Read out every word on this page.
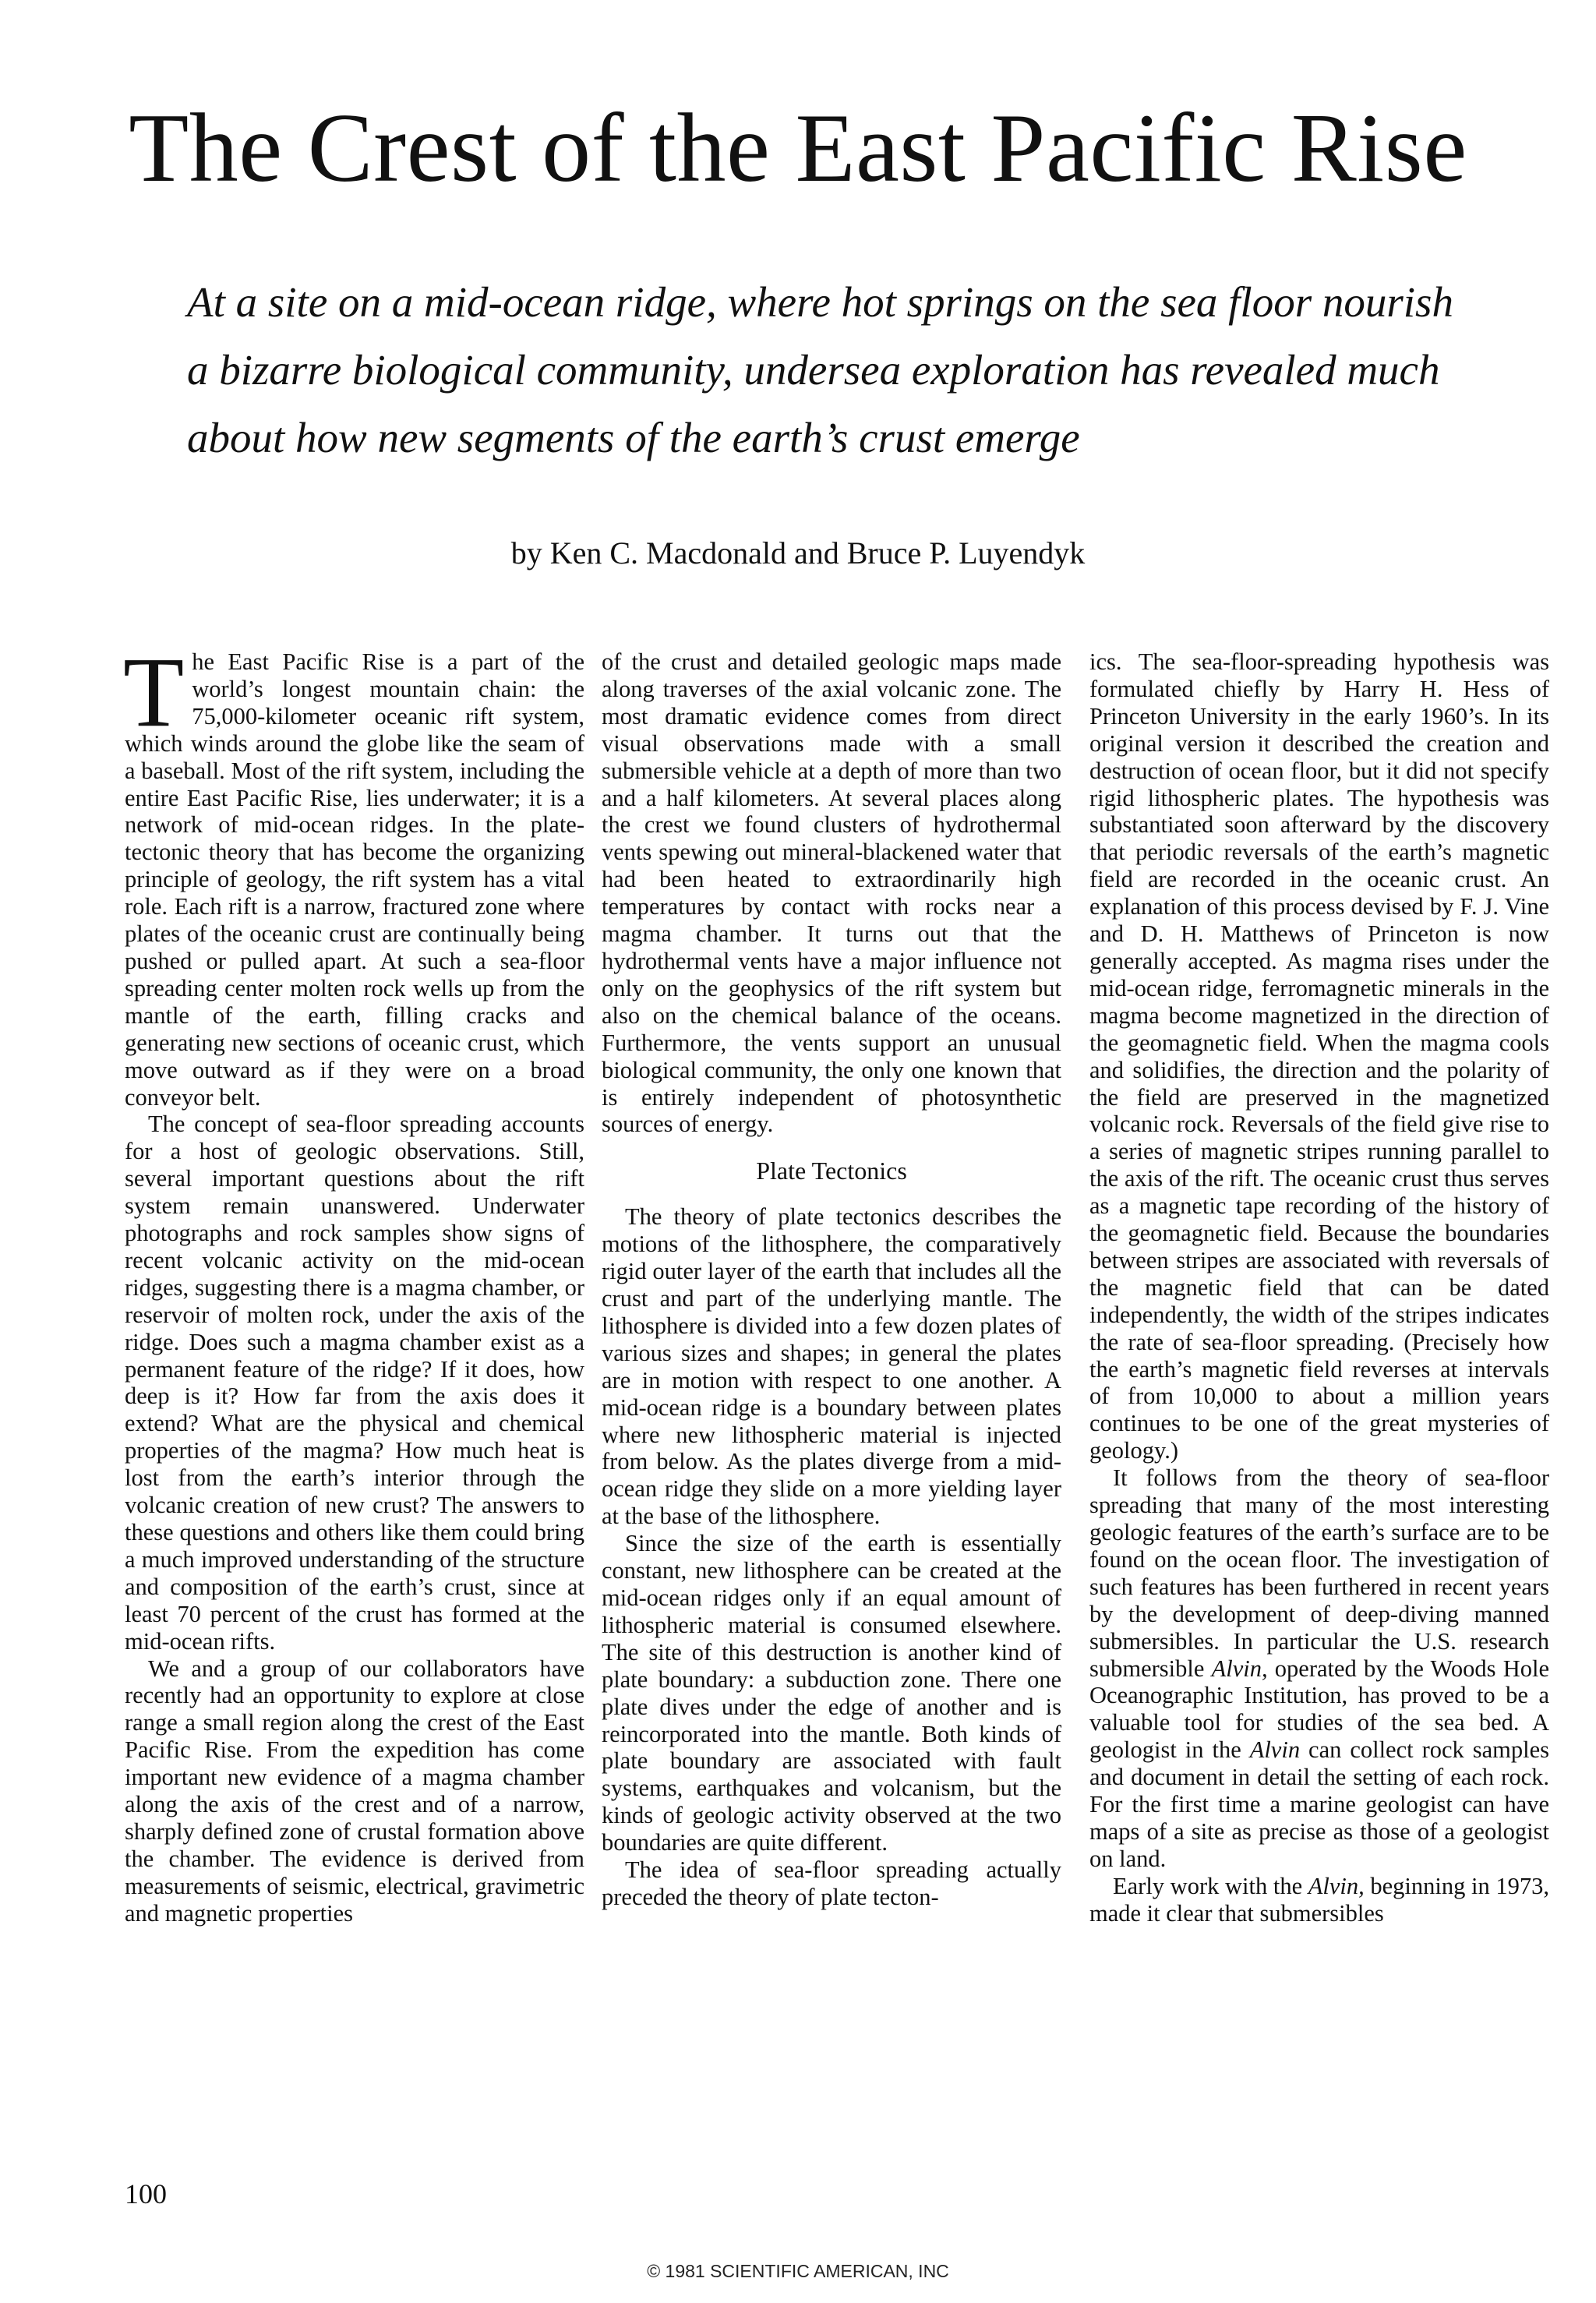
The Crest of the East Pacific Rise

At a site on a mid-ocean ridge, where hot springs on the sea floor nourish a bizarre biological community, undersea exploration has revealed much about how new segments of the earth’s crust emerge

by Ken C. Macdonald and Bruce P. Luyendyk

The East Pacific Rise is a part of the world’s longest mountain chain: the 75,000-kilometer oceanic rift system, which winds around the globe like the seam of a baseball. Most of the rift system, including the entire East Pacific Rise, lies underwater; it is a network of mid-ocean ridges. In the plate-tectonic theory that has become the organizing principle of geology, the rift system has a vital role. Each rift is a narrow, fractured zone where plates of the oceanic crust are continually being pushed or pulled apart. At such a sea-floor spreading center molten rock wells up from the mantle of the earth, filling cracks and generating new sections of oceanic crust, which move outward as if they were on a broad conveyor belt.

The concept of sea-floor spreading accounts for a host of geologic observations. Still, several important questions about the rift system remain unanswered. Underwater photographs and rock samples show signs of recent volcanic activity on the mid-ocean ridges, suggesting there is a magma chamber, or reservoir of molten rock, under the axis of the ridge. Does such a magma chamber exist as a permanent feature of the ridge? If it does, how deep is it? How far from the axis does it extend? What are the physical and chemical properties of the magma? How much heat is lost from the earth’s interior through the volcanic creation of new crust? The answers to these questions and others like them could bring a much improved understanding of the structure and composition of the earth’s crust, since at least 70 percent of the crust has formed at the mid-ocean rifts.

We and a group of our collaborators have recently had an opportunity to explore at close range a small region along the crest of the East Pacific Rise. From the expedition has come important new evidence of a magma chamber along the axis of the crest and of a narrow, sharply defined zone of crustal formation above the chamber. The evidence is derived from measurements of seismic, electrical, gravimetric and magnetic properties

of the crust and detailed geologic maps made along traverses of the axial volcanic zone. The most dramatic evidence comes from direct visual observations made with a small submersible vehicle at a depth of more than two and a half kilometers. At several places along the crest we found clusters of hydrothermal vents spewing out mineral-blackened water that had been heated to extraordinarily high temperatures by contact with rocks near a magma chamber. It turns out that the hydrothermal vents have a major influence not only on the geophysics of the rift system but also on the chemical balance of the oceans. Furthermore, the vents support an unusual biological community, the only one known that is entirely independent of photosynthetic sources of energy.

Plate Tectonics

The theory of plate tectonics describes the motions of the lithosphere, the comparatively rigid outer layer of the earth that includes all the crust and part of the underlying mantle. The lithosphere is divided into a few dozen plates of various sizes and shapes; in general the plates are in motion with respect to one another. A mid-ocean ridge is a boundary between plates where new lithospheric material is injected from below. As the plates diverge from a mid-ocean ridge they slide on a more yielding layer at the base of the lithosphere.

Since the size of the earth is essentially constant, new lithosphere can be created at the mid-ocean ridges only if an equal amount of lithospheric material is consumed elsewhere. The site of this destruction is another kind of plate boundary: a subduction zone. There one plate dives under the edge of another and is reincorporated into the mantle. Both kinds of plate boundary are associated with fault systems, earthquakes and volcanism, but the kinds of geologic activity observed at the two boundaries are quite different.

The idea of sea-floor spreading actually preceded the theory of plate tecton-

ics. The sea-floor-spreading hypothesis was formulated chiefly by Harry H. Hess of Princeton University in the early 1960’s. In its original version it described the creation and destruction of ocean floor, but it did not specify rigid lithospheric plates. The hypothesis was substantiated soon afterward by the discovery that periodic reversals of the earth’s magnetic field are recorded in the oceanic crust. An explanation of this process devised by F. J. Vine and D. H. Matthews of Princeton is now generally accepted. As magma rises under the mid-ocean ridge, ferromagnetic minerals in the magma become magnetized in the direction of the geomagnetic field. When the magma cools and solidifies, the direction and the polarity of the field are preserved in the magnetized volcanic rock. Reversals of the field give rise to a series of magnetic stripes running parallel to the axis of the rift. The oceanic crust thus serves as a magnetic tape recording of the history of the geomagnetic field. Because the boundaries between stripes are associated with reversals of the magnetic field that can be dated independently, the width of the stripes indicates the rate of sea-floor spreading. (Precisely how the earth’s magnetic field reverses at intervals of from 10,000 to about a million years continues to be one of the great mysteries of geology.)

It follows from the theory of sea-floor spreading that many of the most interesting geologic features of the earth’s surface are to be found on the ocean floor. The investigation of such features has been furthered in recent years by the development of deep-diving manned submersibles. In particular the U.S. research submersible Alvin, operated by the Woods Hole Oceanographic Institution, has proved to be a valuable tool for studies of the sea bed. A geologist in the Alvin can collect rock samples and document in detail the setting of each rock. For the first time a marine geologist can have maps of a site as precise as those of a geologist on land.

Early work with the Alvin, beginning in 1973, made it clear that submersibles

100

© 1981 SCIENTIFIC AMERICAN, INC
